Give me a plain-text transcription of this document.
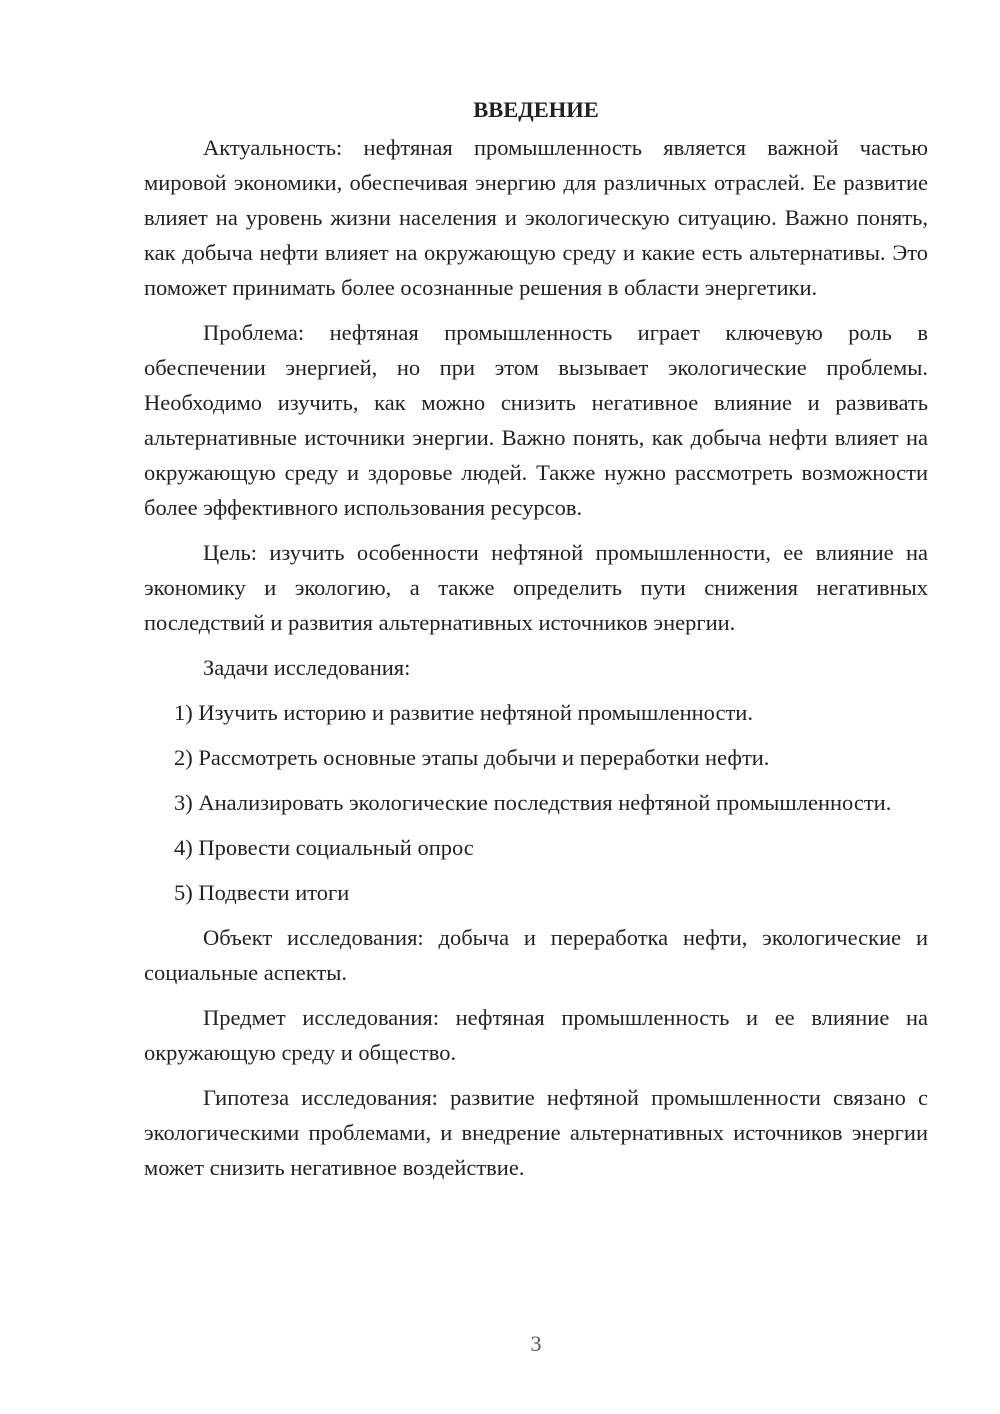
ВВЕДЕНИЕ

Актуальность: нефтяная промышленность является важной частью мировой экономики, обеспечивая энергию для различных отраслей. Ее развитие влияет на уровень жизни населения и экологическую ситуацию. Важно понять, как добыча нефти влияет на окружающую среду и какие есть альтернативы. Это поможет принимать более осознанные решения в области энергетики.

Проблема: нефтяная промышленность играет ключевую роль в обеспечении энергией, но при этом вызывает экологические проблемы. Необходимо изучить, как можно снизить негативное влияние и развивать альтернативные источники энергии. Важно понять, как добыча нефти влияет на окружающую среду и здоровье людей. Также нужно рассмотреть возможности более эффективного использования ресурсов.

Цель: изучить особенности нефтяной промышленности, ее влияние на экономику и экологию, а также определить пути снижения негативных последствий и развития альтернативных источников энергии.

Задачи исследования:

1) Изучить историю и развитие нефтяной промышленности.

2) Рассмотреть основные этапы добычи и переработки нефти.

3) Анализировать экологические последствия нефтяной промышленности.

4) Провести социальный опрос

5) Подвести итоги

Объект исследования: добыча и переработка нефти, экологические и социальные аспекты.

Предмет исследования: нефтяная промышленность и ее влияние на окружающую среду и общество.

Гипотеза исследования: развитие нефтяной промышленности связано с экологическими проблемами, и внедрение альтернативных источников энергии может снизить негативное воздействие.

3
